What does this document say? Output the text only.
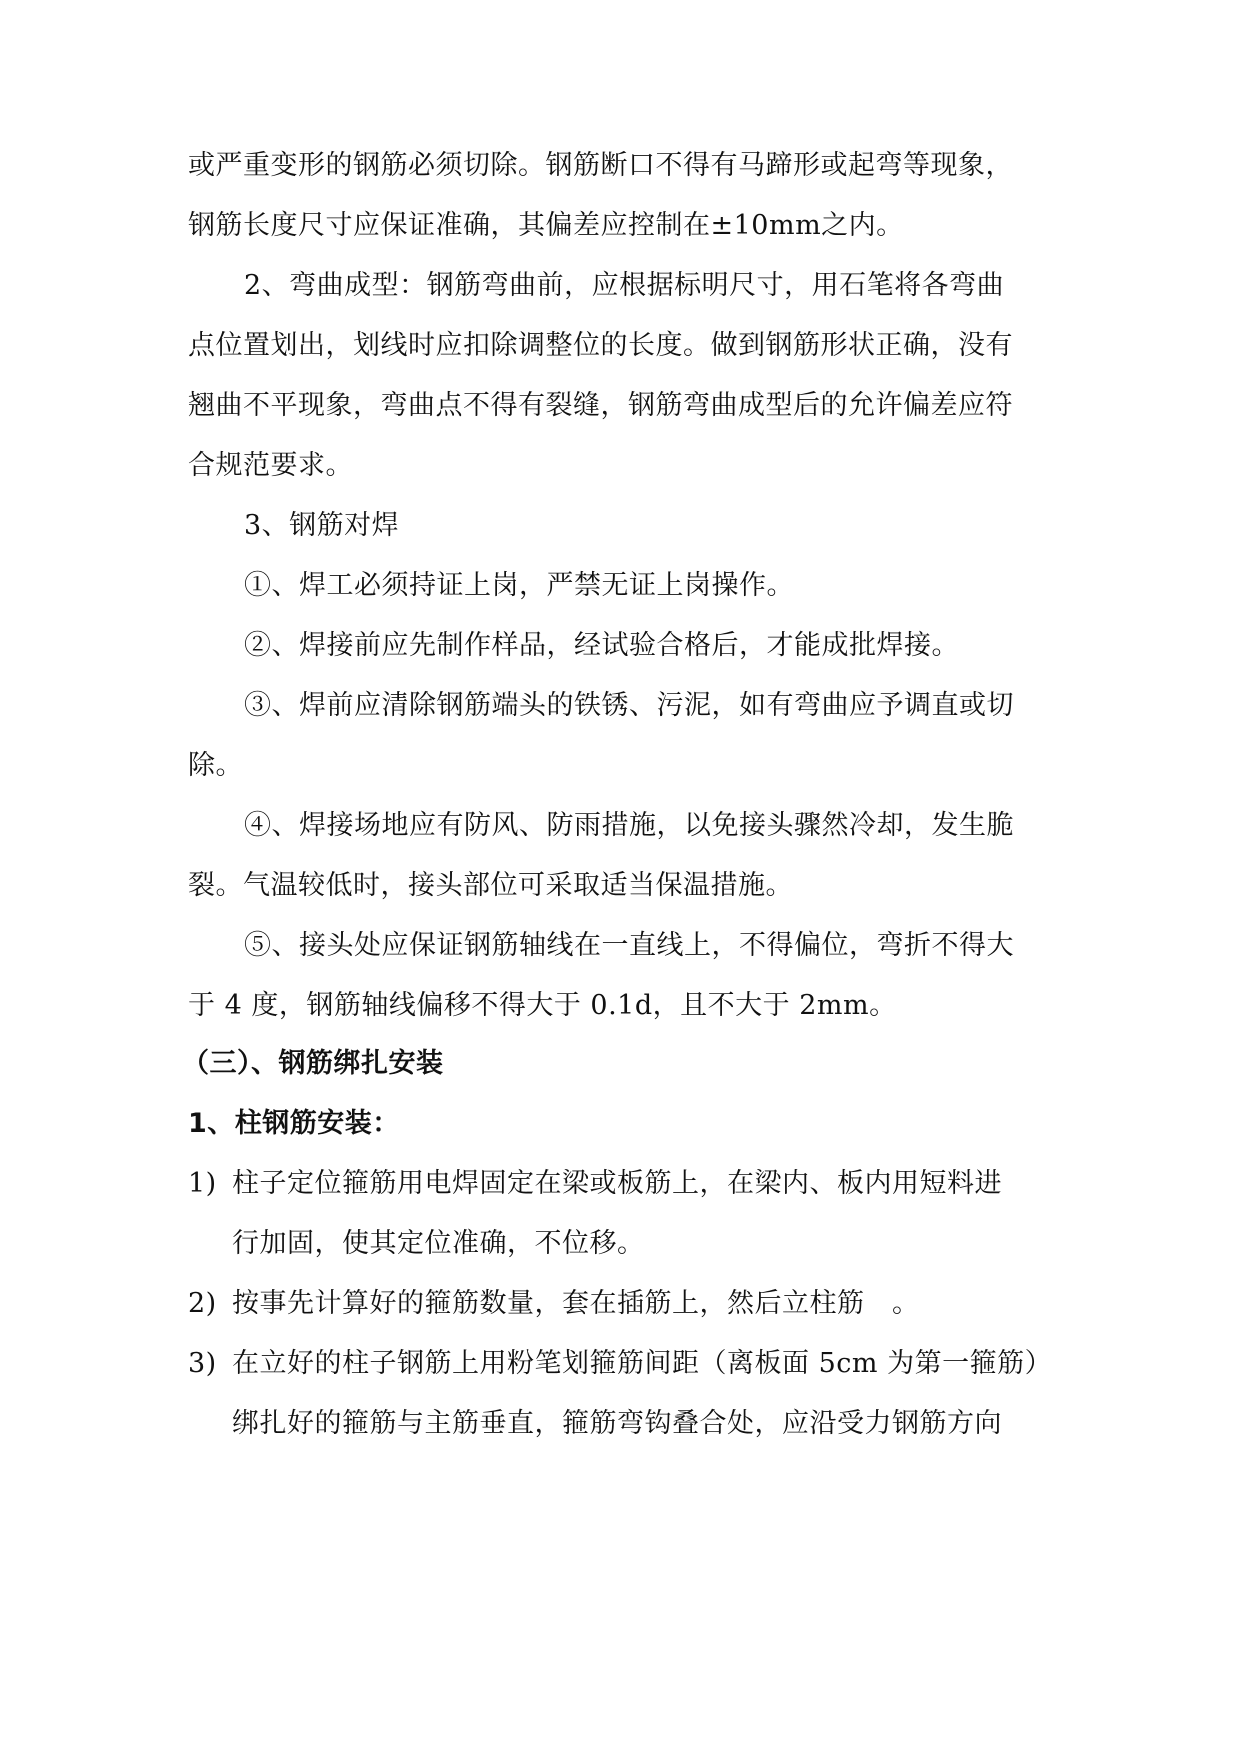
或严重变形的钢筋必须切除。钢筋断口不得有马蹄形或起弯等现象，
钢筋长度尺寸应保证准确，其偏差应控制在±10mm之内。
2、弯曲成型：钢筋弯曲前，应根据标明尺寸，用石笔将各弯曲
点位置划出，划线时应扣除调整位的长度。做到钢筋形状正确，没有
翘曲不平现象，弯曲点不得有裂缝，钢筋弯曲成型后的允许偏差应符
合规范要求。
3、钢筋对焊
①、焊工必须持证上岗，严禁无证上岗操作。
②、焊接前应先制作样品，经试验合格后，才能成批焊接。
③、焊前应清除钢筋端头的铁锈、污泥，如有弯曲应予调直或切
除。
④、焊接场地应有防风、防雨措施，以免接头骤然冷却，发生脆
裂。气温较低时，接头部位可采取适当保温措施。
⑤、接头处应保证钢筋轴线在一直线上，不得偏位，弯折不得大
于 4 度，钢筋轴线偏移不得大于 0.1d，且不大于 2mm。
（三）、钢筋绑扎安装
1、柱钢筋安装：
1) 柱子定位箍筋用电焊固定在梁或板筋上，在梁内、板内用短料进
行加固，使其定位准确，不位移。
2) 按事先计算好的箍筋数量，套在插筋上，然后立柱筋　。
3) 在立好的柱子钢筋上用粉笔划箍筋间距（离板面 5cm 为第一箍筋）
绑扎好的箍筋与主筋垂直，箍筋弯钩叠合处，应沿受力钢筋方向
